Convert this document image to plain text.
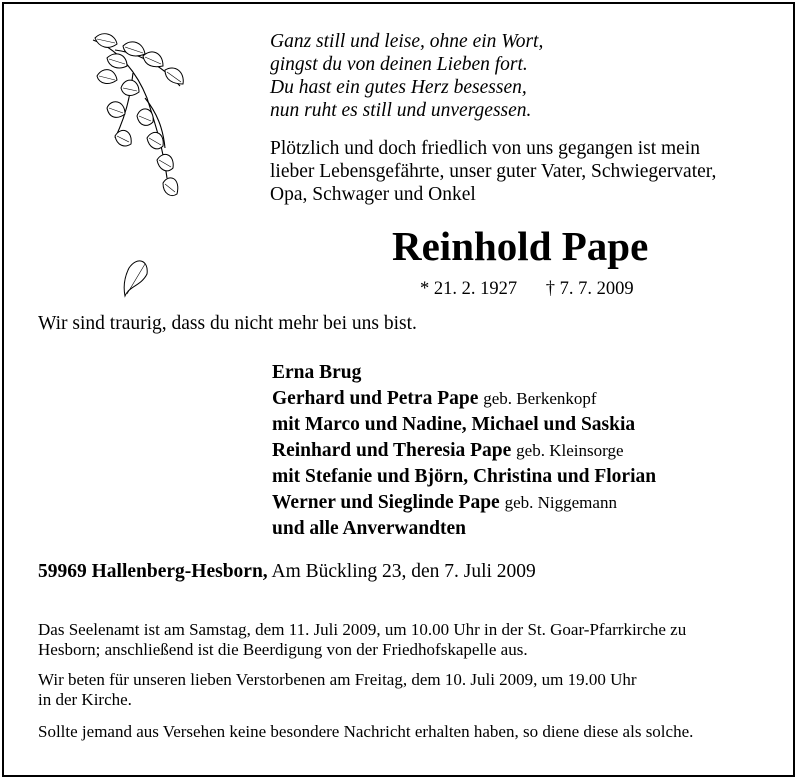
Ganz still und leise, ohne ein Wort,
gingst du von deinen Lieben fort.
Du hast ein gutes Herz besessen,
nun ruht es still und unvergessen.
Plötzlich und doch friedlich von uns gegangen ist mein
lieber Lebensgefährte, unser guter Vater, Schwiegervater,
Opa, Schwager und Onkel
Reinhold Pape
* 21. 2. 1927 † 7. 7. 2009
Wir sind traurig, dass du nicht mehr bei uns bist.
Erna Brug
Gerhard und Petra Pape geb. Berkenkopf
mit Marco und Nadine, Michael und Saskia
Reinhard und Theresia Pape geb. Kleinsorge
mit Stefanie und Björn, Christina und Florian
Werner und Sieglinde Pape geb. Niggemann
und alle Anverwandten
59969 Hallenberg-Hesborn, Am Bückling 23, den 7. Juli 2009
Das Seelenamt ist am Samstag, dem 11. Juli 2009, um 10.00 Uhr in der St. Goar-Pfarrkirche zu
Hesborn; anschließend ist die Beerdigung von der Friedhofskapelle aus.
Wir beten für unseren lieben Verstorbenen am Freitag, dem 10. Juli 2009, um 19.00 Uhr
in der Kirche.
Sollte jemand aus Versehen keine besondere Nachricht erhalten haben, so diene diese als solche.
